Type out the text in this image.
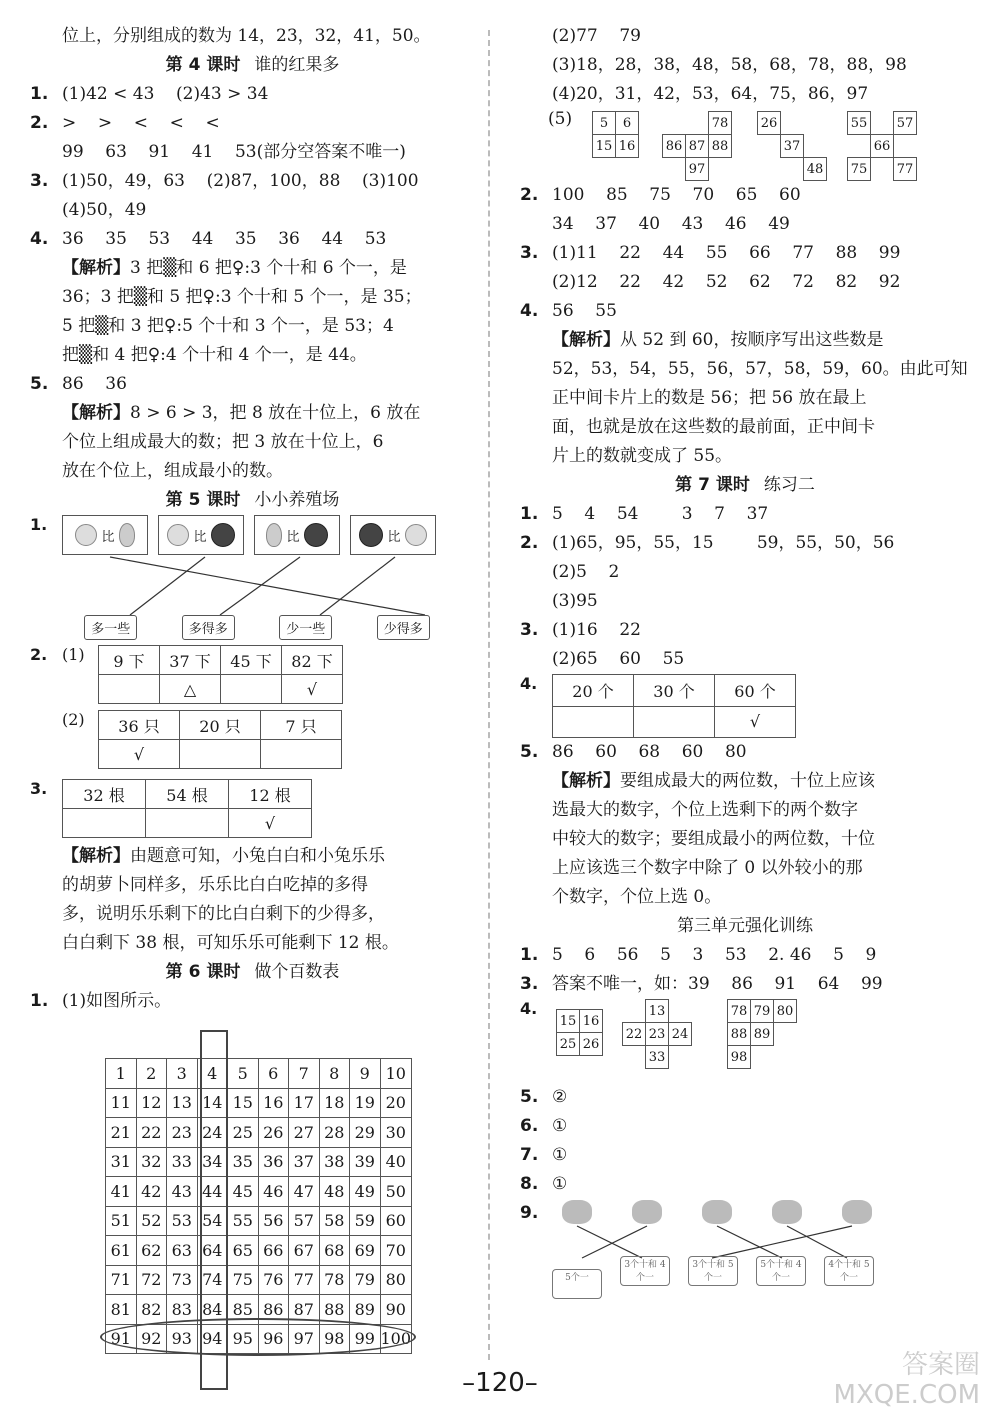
位上，分别组成的数为 14，23，32，41，50。
第 4 课时 谁的红果多
1. (1)42 < 43    (2)43 > 34
2. >    >    <    <    <
99    63    91    41    53(部分空答案不唯一)
3. (1)50，49，63    (2)87，100，88    (3)100
(4)50，49
4. 36    35    53    44    35    36    44    53
【解析】3 把▒和 6 把♀:3 个十和 6 个一，是
36；3 把▒和 5 把♀:3 个十和 5 个一，是 35；
5 把▒和 3 把♀:5 个十和 3 个一，是 53；4
把▒和 4 把♀:4 个十和 4 个一，是 44。
5. 86    36
【解析】8 > 6 > 3，把 8 放在十位上，6 放在
个位上组成最大的数；把 3 放在十位上，6
放在个位上，组成最小的数。
第 5 课时 小小养殖场
1.
比	比	比	比
多一些	多得多	少一些	少得多
2. (1)	9 下	37 下	45 下	82 下
	△		√
(2)	36 只	20 只	7 只
√		
3.	32 根	54 根	12 根
		√
【解析】由题意可知，小兔白白和小兔乐乐
的胡萝卜同样多，乐乐比白白吃掉的多得
多，说明乐乐剩下的比白白剩下的少得多，
白白剩下 38 根，可知乐乐可能剩下 12 根。
第 6 课时 做个百数表
1. (1)如图所示。
1	2	3	4	5	6	7	8	9	10
11	12	13	14	15	16	17	18	19	20
21	22	23	24	25	26	27	28	29	30
31	32	33	34	35	36	37	38	39	40
41	42	43	44	45	46	47	48	49	50
51	52	53	54	55	56	57	58	59	60
61	62	63	64	65	66	67	68	69	70
71	72	73	74	75	76	77	78	79	80
81	82	83	84	85	86	87	88	89	90
91	92	93	94	95	96	97	98	99	100
(2)77    79
(3)18，28，38，48，58，68，78，88，98
(4)20，31，42，53，64，75，86，97
(5) 5	6
15	16
		78
86	87	88
	97	
26		
	37	
		48
55		57
	66	
75		77
2. 100    85    75    70    65    60
34    37    40    43    46    49
3. (1)11    22    44    55    66    77    88    99
(2)12    22    42    52    62    72    82    92
4. 56    55
【解析】从 52 到 60，按顺序写出这些数是
52，53，54，55，56，57，58，59，60。由此可知
正中间卡片上的数是 56；把 56 放在最上
面，也就是放在这些数的最前面，正中间卡
片上的数就变成了 55。
第 7 课时 练习二
1. 5    4    54        3    7    37
2. (1)65，95，55，15        59，55，50，56
(2)5    2
(3)95
3. (1)16    22
(2)65    60    55
4.	20 个	30 个	60 个
		√
5. 86    60    68    60    80
【解析】要组成最大的两位数，十位上应该
选最大的数字，个位上选剩下的两个数字
中较大的数字；要组成最小的两位数，十位
上应该选三个数字中除了 0 以外较小的那
个数字，个位上选 0。
第三单元强化训练
1. 5    6    56    5    3    53    2. 46    5    9
3. 答案不唯一，如：39    86    91    64    99
4.
15	16
25	26
	13	
22	23	24
	33	
78	79	80
88	89	
98		
5. ②
6. ①
7. ①
8. ①
9.
5个一3个十和 4个一3个十和 5个一5个十和 4个一4个十和 5个一
–120–
答案圈
MXQE.COM
